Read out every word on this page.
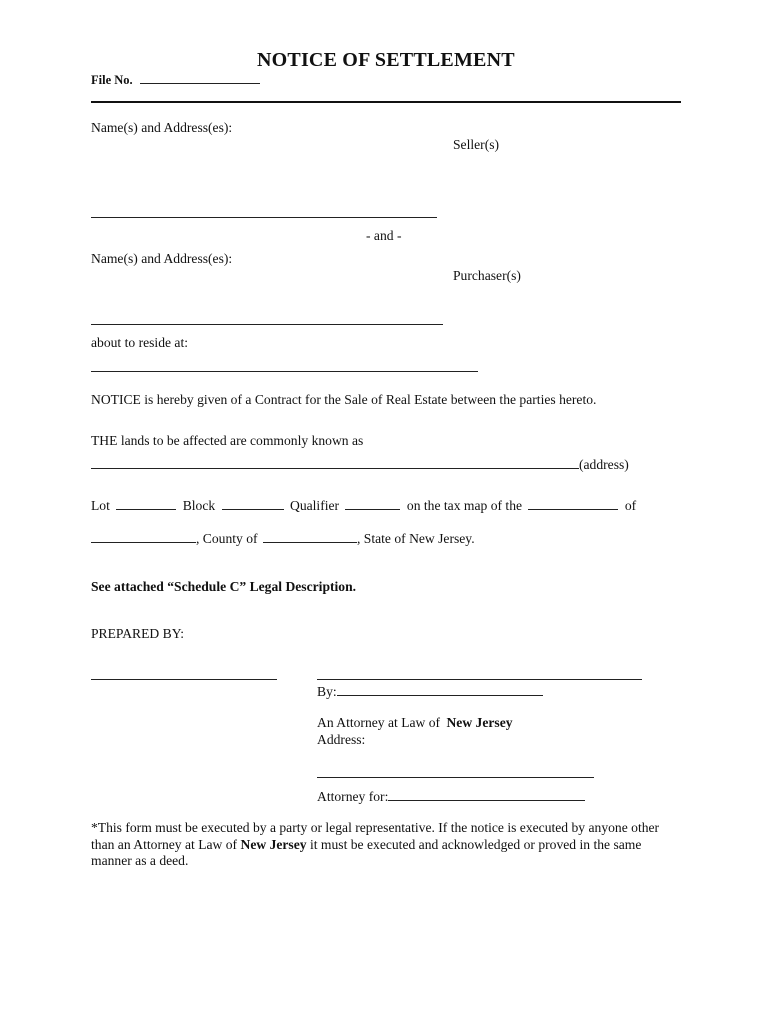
NOTICE OF SETTLEMENT
File No.
Name(s) and Address(es):
Seller(s)
- and -
Name(s) and Address(es):
Purchaser(s)
about to reside at:
NOTICE is hereby given of a Contract for the Sale of Real Estate between the parties hereto.
THE lands to be affected are commonly known as
(address)
Lot	Block	Qualifier	on the tax map of the	of
, County of	, State of New Jersey.
See attached “Schedule C” Legal Description.
PREPARED BY:
By:
An Attorney at Law of New Jersey
Address:
Attorney for:
*This form must be executed by a party or legal representative. If the notice is executed by anyone other than an Attorney at Law of New Jersey it must be executed and acknowledged or proved in the same manner as a deed.
